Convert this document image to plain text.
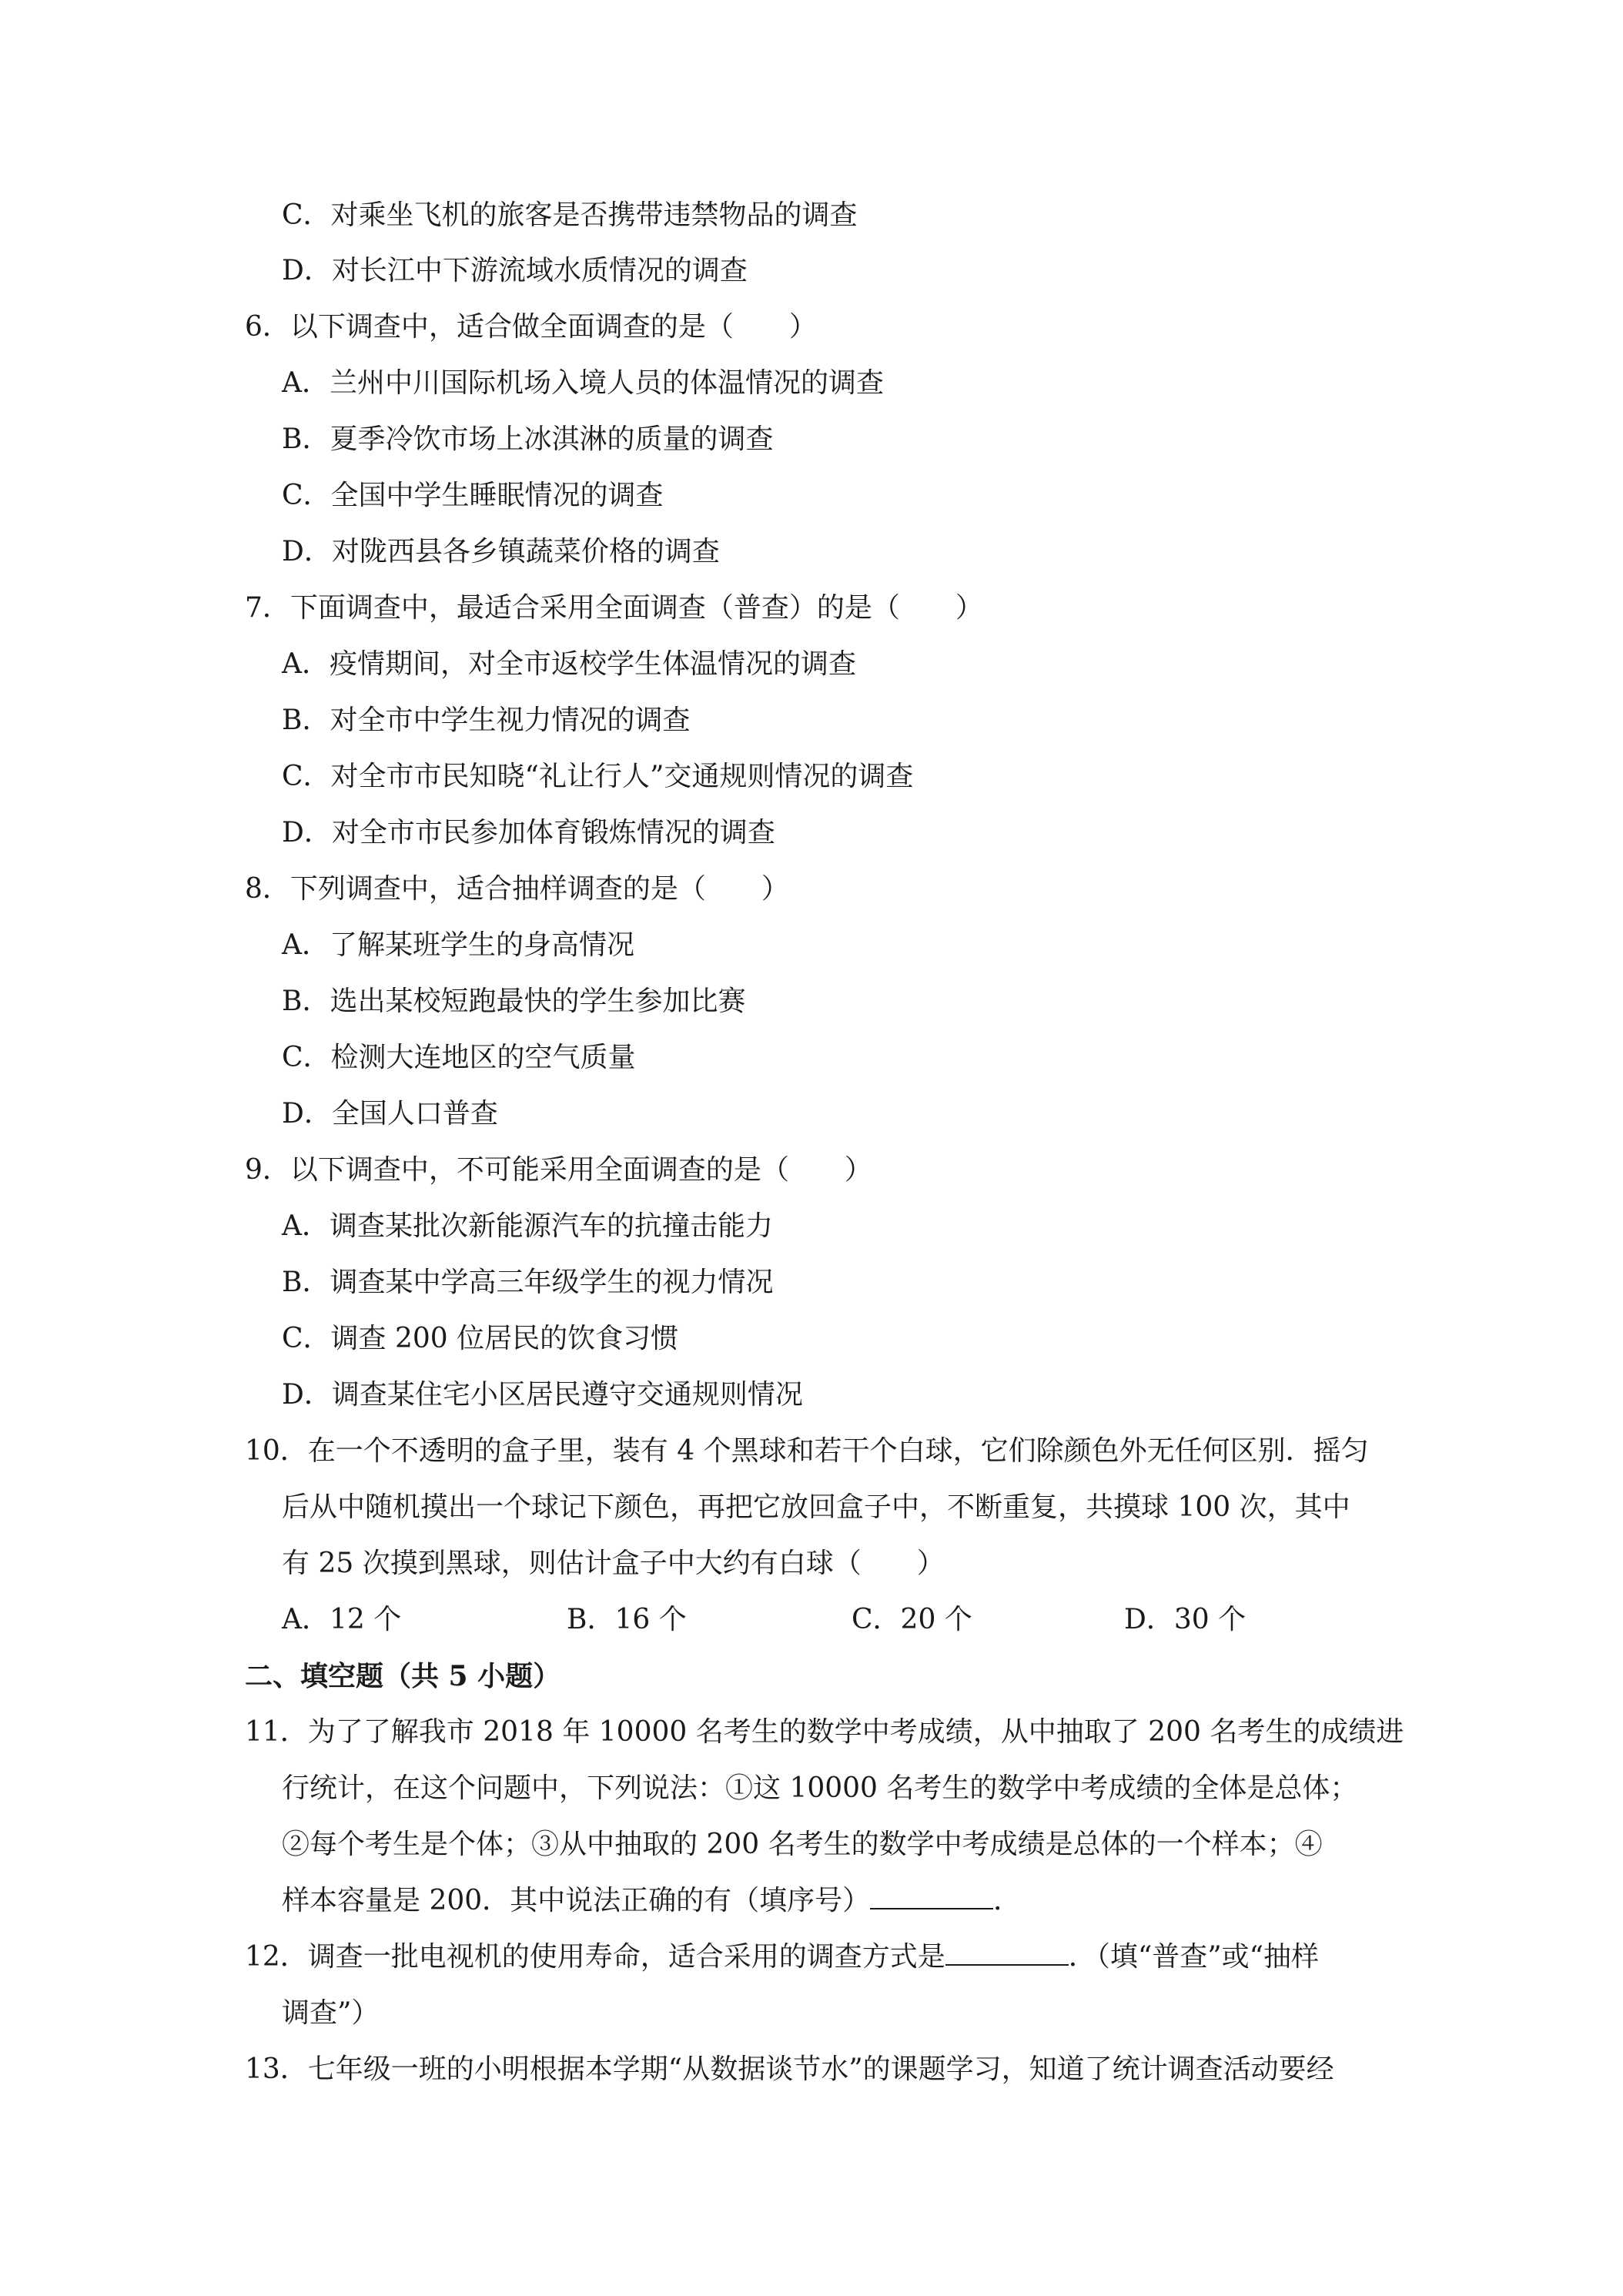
C．对乘坐飞机的旅客是否携带违禁物品的调查
D．对长江中下游流域水质情况的调查
6．以下调查中，适合做全面调查的是（　　）
A．兰州中川国际机场入境人员的体温情况的调查
B．夏季冷饮市场上冰淇淋的质量的调查
C．全国中学生睡眠情况的调查
D．对陇西县各乡镇蔬菜价格的调查
7．下面调查中，最适合采用全面调查（普查）的是（　　）
A．疫情期间，对全市返校学生体温情况的调查
B．对全市中学生视力情况的调查
C．对全市市民知晓“礼让行人”交通规则情况的调查
D．对全市市民参加体育锻炼情况的调查
8．下列调查中，适合抽样调查的是（　　）
A．了解某班学生的身高情况
B．选出某校短跑最快的学生参加比赛
C．检测大连地区的空气质量
D．全国人口普查
9．以下调查中，不可能采用全面调查的是（　　）
A．调查某批次新能源汽车的抗撞击能力
B．调查某中学高三年级学生的视力情况
C．调查 200 位居民的饮食习惯
D．调查某住宅小区居民遵守交通规则情况
10．在一个不透明的盒子里，装有 4 个黑球和若干个白球，它们除颜色外无任何区别．摇匀
后从中随机摸出一个球记下颜色，再把它放回盒子中，不断重复，共摸球 100 次，其中
有 25 次摸到黑球，则估计盒子中大约有白球（　　）
A．12 个	B．16 个	C．20 个	D．30 个
二、填空题（共 5 小题）
11．为了了解我市 2018 年 10000 名考生的数学中考成绩，从中抽取了 200 名考生的成绩进
行统计，在这个问题中，下列说法：①这 10000 名考生的数学中考成绩的全体是总体；
②每个考生是个体；③从中抽取的 200 名考生的数学中考成绩是总体的一个样本；④
样本容量是 200．其中说法正确的有（填序号）	．
12．调查一批电视机的使用寿命，适合采用的调查方式是	．（填“普查”或“抽样
调查”）
13．七年级一班的小明根据本学期“从数据谈节水”的课题学习，知道了统计调查活动要经
